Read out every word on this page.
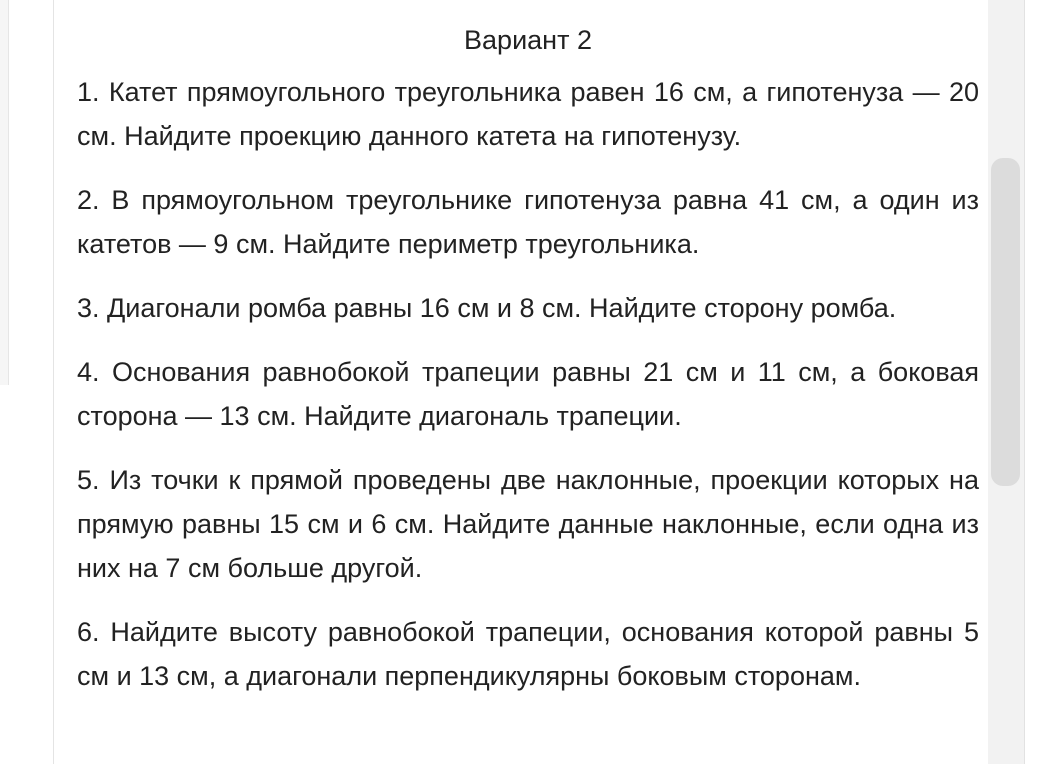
Вариант 2

1. Катет прямоугольного треугольника равен 16 см, а гипотенуза — 20 см. Найдите проекцию данного катета на гипотенузу.

2. В прямоугольном треугольнике гипотенуза равна 41 см, а один из катетов — 9 см. Найдите периметр треугольника.

3. Диагонали ромба равны 16 см и 8 см. Найдите сторону ромба.

4. Основания равнобокой трапеции равны 21 см и 11 см, а боковая сторона — 13 см. Найдите диагональ трапеции.

5. Из точки к прямой проведены две наклонные, проекции которых на прямую равны 15 см и 6 см. Найдите данные наклонные, если одна из них на 7 см больше другой.

6. Найдите высоту равнобокой трапеции, основания которой равны 5 см и 13 см, а диагонали перпендикулярны боковым сторонам.
